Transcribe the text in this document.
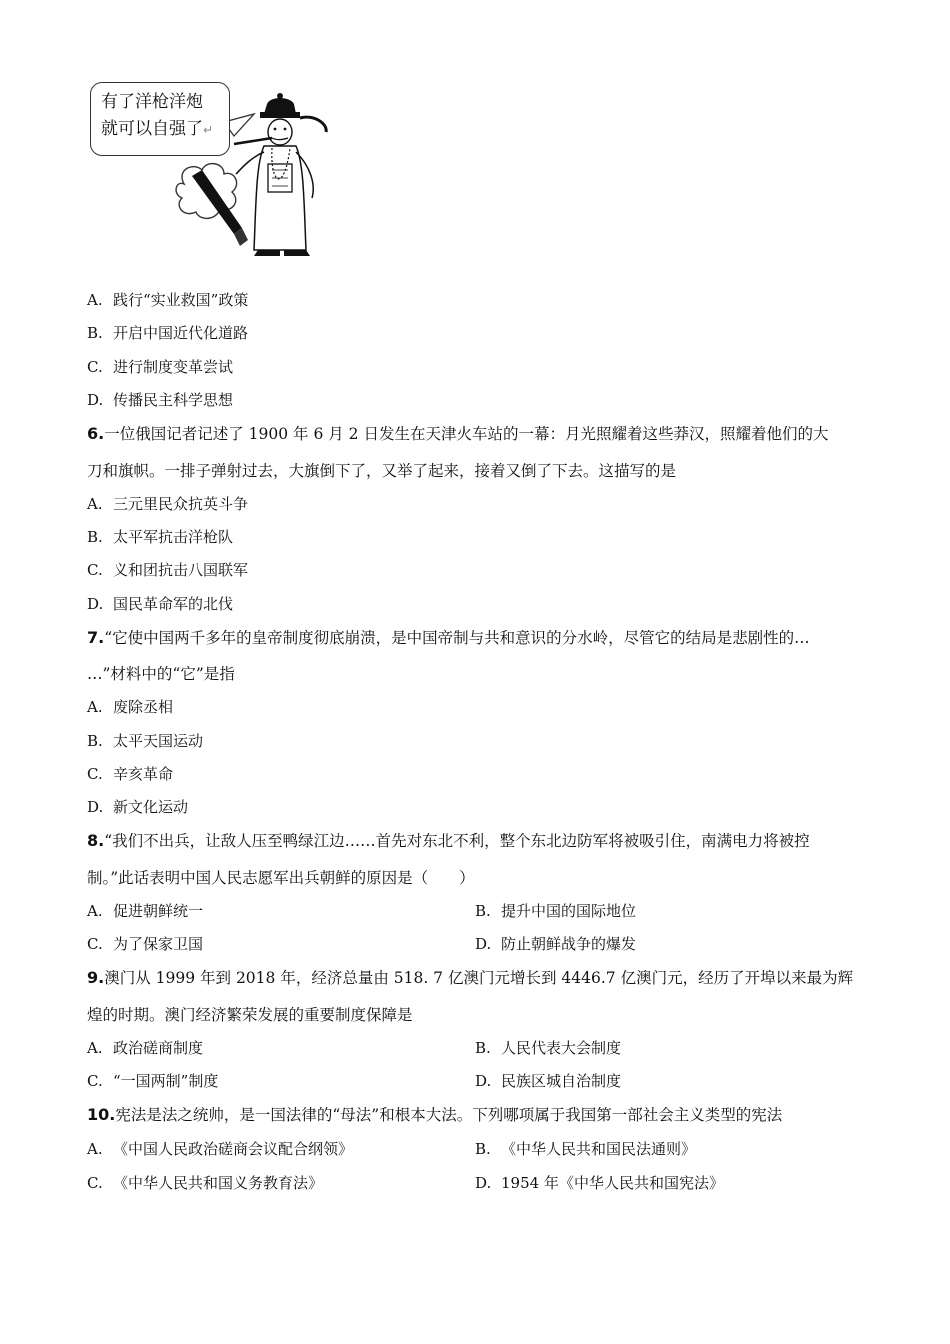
有了洋枪洋炮
就可以自强了↵
A. 践行“实业救国”政策
B. 开启中国近代化道路
C. 进行制度变革尝试
D. 传播民主科学思想
6.一位俄国记者记述了 1900 年 6 月 2 日发生在天津火车站的一幕：月光照耀着这些莽汉，照耀着他们的大
刀和旗帜。一排子弹射过去，大旗倒下了，又举了起来，接着又倒了下去。这描写的是
A. 三元里民众抗英斗争
B. 太平军抗击洋枪队
C. 义和团抗击八国联军
D. 国民革命军的北伐
7.“它使中国两千多年的皇帝制度彻底崩溃，是中国帝制与共和意识的分水岭，尽管它的结局是悲剧性的…
…”材料中的“它”是指
A. 废除丞相
B. 太平天国运动
C. 辛亥革命
D. 新文化运动
8.“我们不出兵，让敌人压至鸭绿江边……首先对东北不利，整个东北边防军将被吸引住，南满电力将被控
制。”此话表明中国人民志愿军出兵朝鲜的原因是（　　）
A. 促进朝鲜统一	B. 提升中国的国际地位
C. 为了保家卫国	D. 防止朝鲜战争的爆发
9.澳门从 1999 年到 2018 年，经济总量由 518. 7 亿澳门元增长到 4446.7 亿澳门元，经历了开埠以来最为辉
煌的时期。澳门经济繁荣发展的重要制度保障是
A. 政治磋商制度	B. 人民代表大会制度
C. “一国两制”制度	D. 民族区城自治制度
10.宪法是法之统帅，是一国法律的“母法”和根本大法。下列哪项属于我国第一部社会主义类型的宪法
A. 《中国人民政治磋商会议配合纲领》	B. 《中华人民共和国民法通则》
C. 《中华人民共和国义务教育法》	D. 1954 年《中华人民共和国宪法》
